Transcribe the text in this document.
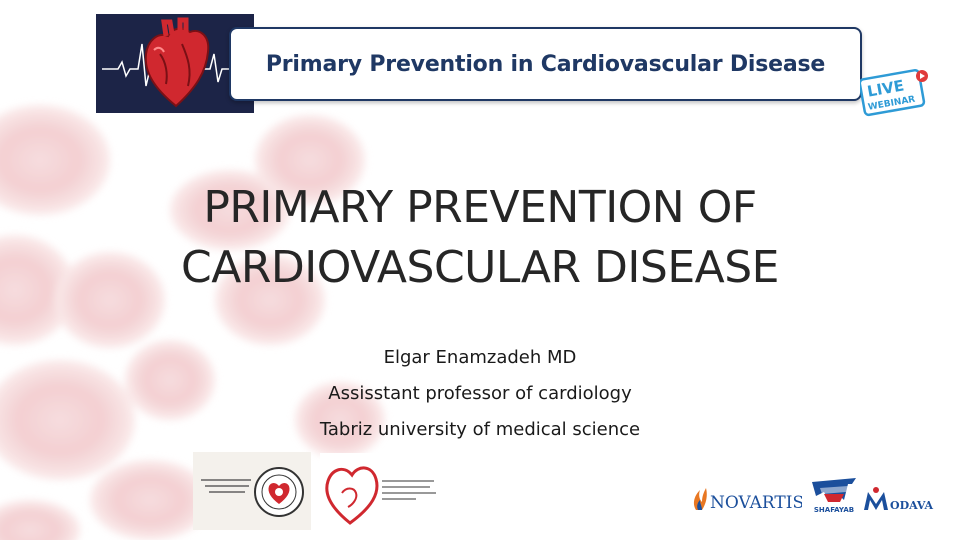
Primary Prevention in Cardiovascular Disease
LIVE
WEBINAR
PRIMARY PREVENTION OF
CARDIOVASCULAR DISEASE
Elgar Enamzadeh MD
Assisstant professor of cardiology
Tabriz university of medical science
NOVARTIS SHAFAYAB	ODAVA
